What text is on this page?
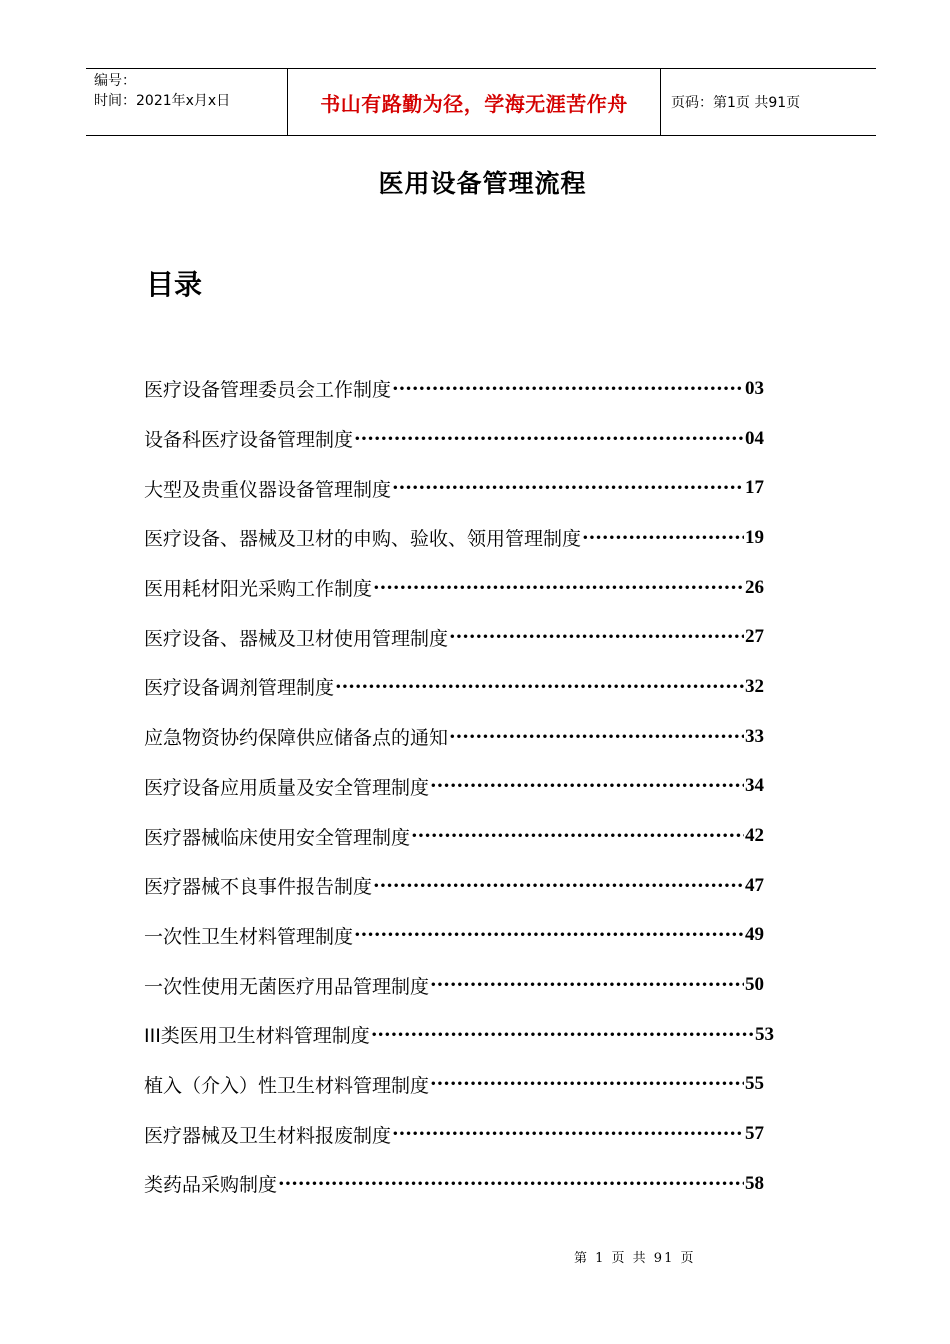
编号：
时间：2021年x月x日	书山有路勤为径，学海无涯苦作舟	页码：第1页 共91页
医用设备管理流程
目录
医疗设备管理委员会工作制度 ·····	03
设备科医疗设备管理制度 ·····	04
大型及贵重仪器设备管理制度 ·····	17
医疗设备、器械及卫材的申购、验收、领用管理制度 ·····	19
医用耗材阳光采购工作制度 ·····	26
医疗设备、器械及卫材使用管理制度 ·····	27
医疗设备调剂管理制度 ·····	32
应急物资协约保障供应储备点的通知 ·····	33
医疗设备应用质量及安全管理制度 ·····	34
医疗器械临床使用安全管理制度 ·····	42
医疗器械不良事件报告制度 ·····	47
一次性卫生材料管理制度 ·····	49
一次性使用无菌医疗用品管理制度 ·····	50
III类医用卫生材料管理制度 ·····	53
植入（介入）性卫生材料管理制度 ·····	55
医疗器械及卫生材料报废制度 ·····	57
类药品采购制度 ·····	58
第 1 页 共 91 页
